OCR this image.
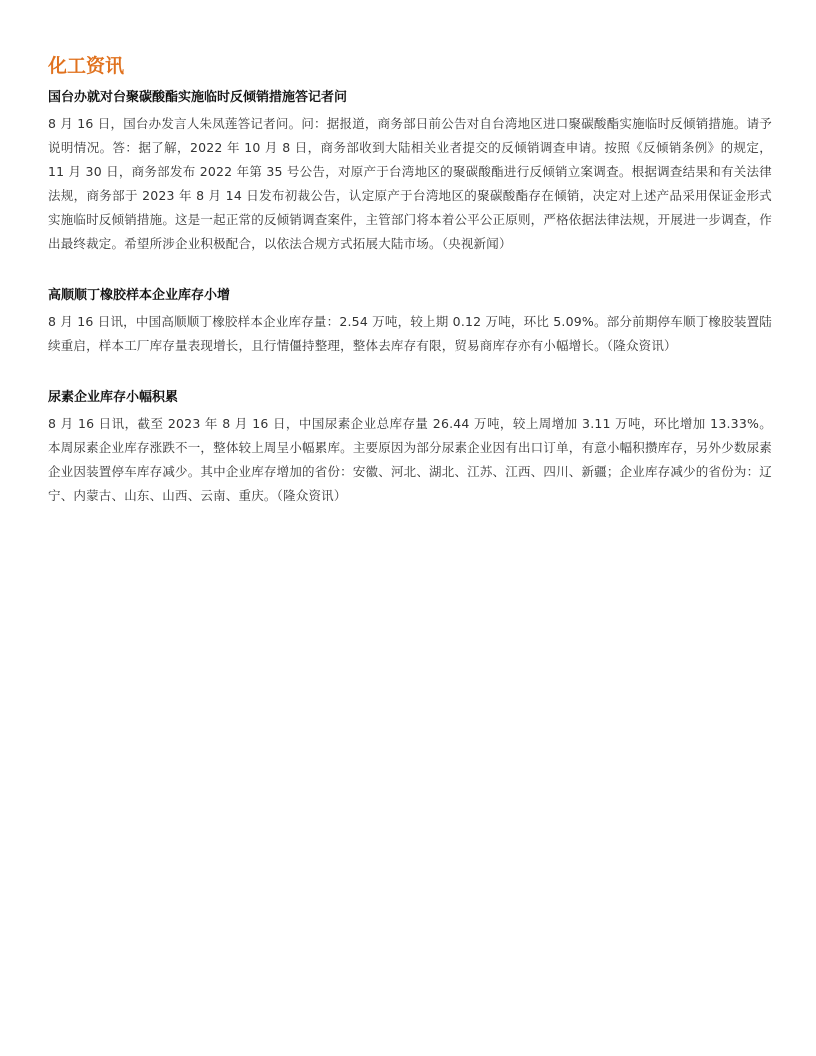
化工资讯
国台办就对台聚碳酸酯实施临时反倾销措施答记者问

8 月 16 日，国台办发言人朱凤莲答记者问。问：据报道，商务部日前公告对自台湾地区进口聚碳酸酯实施临时反倾销措施。请予说明情况。答：据了解，2022 年 10 月 8 日，商务部收到大陆相关业者提交的反倾销调查申请。按照《反倾销条例》的规定，11 月 30 日，商务部发布 2022 年第 35 号公告，对原产于台湾地区的聚碳酸酯进行反倾销立案调查。根据调查结果和有关法律法规，商务部于 2023 年 8 月 14 日发布初裁公告，认定原产于台湾地区的聚碳酸酯存在倾销，决定对上述产品采用保证金形式实施临时反倾销措施。这是一起正常的反倾销调查案件，主管部门将本着公平公正原则，严格依据法律法规，开展进一步调查，作出最终裁定。希望所涉企业积极配合，以依法合规方式拓展大陆市场。（央视新闻）

高顺顺丁橡胶样本企业库存小增

8 月 16 日讯，中国高顺顺丁橡胶样本企业库存量：2.54 万吨，较上期 0.12 万吨，环比 5.09%。部分前期停车顺丁橡胶装置陆续重启，样本工厂库存量表现增长，且行情僵持整理，整体去库存有限，贸易商库存亦有小幅增长。（隆众资讯）

尿素企业库存小幅积累

8 月 16 日讯，截至 2023 年 8 月 16 日，中国尿素企业总库存量 26.44 万吨，较上周增加 3.11 万吨，环比增加 13.33%。本周尿素企业库存涨跌不一，整体较上周呈小幅累库。主要原因为部分尿素企业因有出口订单，有意小幅积攒库存，另外少数尿素企业因装置停车库存减少。其中企业库存增加的省份：安徽、河北、湖北、江苏、江西、四川、新疆；企业库存减少的省份为：辽宁、内蒙古、山东、山西、云南、重庆。（隆众资讯）
